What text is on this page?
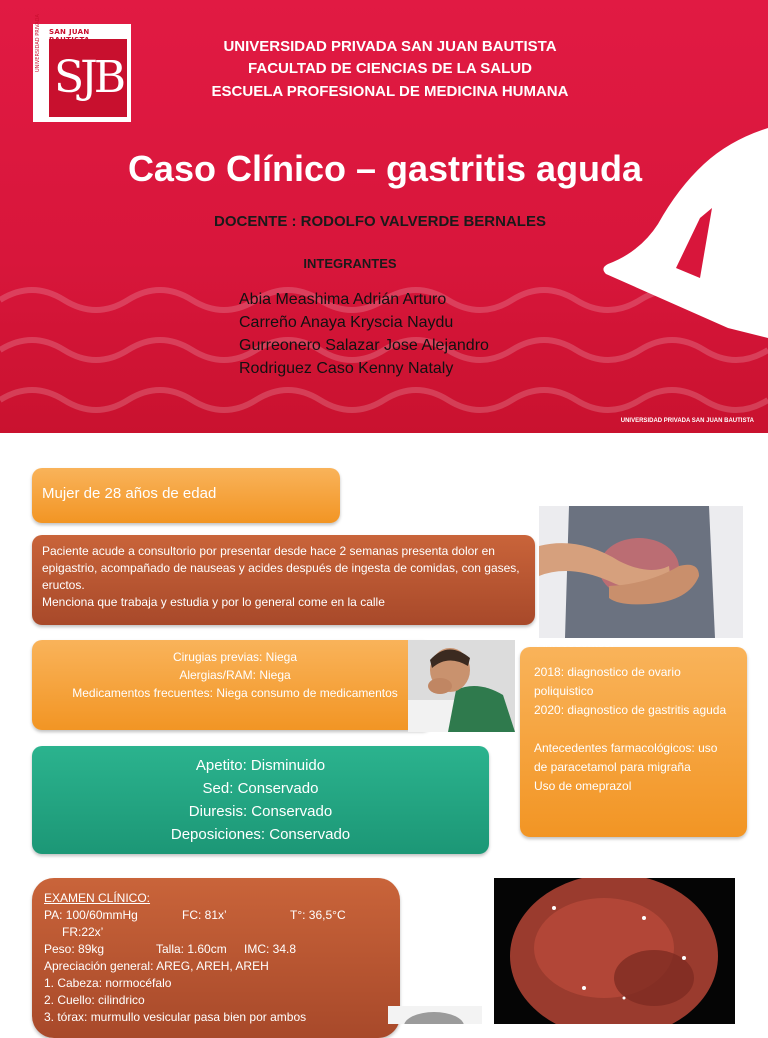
SAN JUAN
UNIVERSIDAD PRIVADA
SJB
UNIVERSIDAD PRIVADA SAN JUAN BAUTISTA
FACULTAD DE CIENCIAS DE LA SALUD
ESCUELA PROFESIONAL DE MEDICINA HUMANA
Caso Clínico – gastritis aguda
DOCENTE : RODOLFO VALVERDE BERNALES
INTEGRANTES
Abia Meashima Adrián Arturo
Carreño Anaya Kryscia Naydu
Gurreonero Salazar Jose Alejandro
Rodriguez Caso Kenny Nataly
UNIVERSIDAD PRIVADA SAN JUAN BAUTISTA
Mujer de 28 años de edad
Paciente acude a consultorio por presentar desde hace 2 semanas presenta dolor en epigastrio, acompañado de nauseas y acides después de ingesta de comidas, con gases, eructos.
Menciona que trabaja y estudia y por lo general come en la calle
Cirugias previas: Niega
Alergias/RAM: Niega
Medicamentos frecuentes: Niega consumo de medicamentos
Apetito: Disminuido
Sed: Conservado
Diuresis: Conservado
Deposiciones: Conservado
2018: diagnostico de ovario poliquistico
2020: diagnostico de gastritis aguda
Antecedentes farmacológicos: uso de paracetamol para migraña
Uso de omeprazol
Antecedentes:
EXAMEN CLÍNICO:
PA: 100/60mmHg	FC: 81x’	T°: 36,5°C
FR:22x’
Peso: 89kg	Talla: 1.60cm IMC: 34.8
Apreciación general: AREG, AREH, AREH
1. Cabeza: normocéfalo
2. Cuello: cilindrico
3. tórax: murmullo vesicular pasa bien por ambos
